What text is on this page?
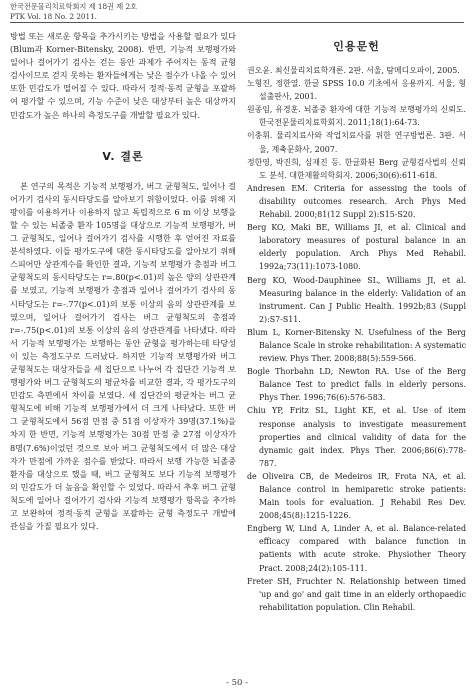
한국전문물리치료학회지 제 18권 제 2호
PTK Vol. 18 No. 2 2011.

방법 또는 새로운 항목을 추가시키는 방법을 사용할 필요가 있다(Blum과 Korner-Bitensky, 2008). 반면, 기능적 보행평가와 일어나 걸어가기 검사는 걷는 동안 과제가 주어지는 동적 균형 검사이므로 걷지 못하는 환자들에게는 낮은 점수가 나올 수 있어 또한 민감도가 떨어질 수 있다. 따라서 정적·동적 균형을 포괄하여 평가할 수 있으며, 기능 수준이 낮은 대상부터 높은 대상까지 민감도가 높은 하나의 측정도구를 개발할 필요가 있다.

V. 결론

본 연구의 목적은 기능적 보행평가, 버그 균형척도, 일어나 걸어가기 검사의 동시타당도를 알아보기 위함이었다. 이를 위해 지팡이를 이용하거나 이용하지 않고 독립적으로 6 m 이상 보행을 할 수 있는 뇌졸중 환자 105명을 대상으로 기능적 보행평가, 버그 균형척도, 일어나 걸어가기 검사를 시행한 후 얻어진 자료를 분석하였다. 이들 평가도구에 대한 동시타당도를 알아보기 위해 스피어만 상관계수를 확인한 결과, 기능적 보행평가 총점과 버그 균형척도의 동시타당도는 r=.80(p<.01)의 높은 양의 상관관계를 보였고, 기능적 보행평가 총점과 일어나 걸어가기 검사의 동시타당도는 r=-.77(p<.01)의 보통 이상의 음의 상관관계를 보였으며, 일어나 걸어가기 검사는 버그 균형척도의 총점과 r=-.75(p<.01)의 보통 이상의 음의 상관관계를 나타냈다. 따라서 기능적 보행평가는 보행하는 동안 균형을 평가하는데 타당성이 있는 측정도구로 드러났다. 하지만 기능적 보행평가와 버그 균형척도는 대상자들을 세 집단으로 나누어 각 집단간 기능적 보행평가와 버그 균형척도의 평균차를 비교한 결과, 각 평가도구의 민감도 측면에서 차이를 보였다. 세 집단간의 평균차는 버그 균형척도에 비해 기능적 보행평가에서 더 크게 나타났다. 또한 버그 균형척도에서 56점 만점 중 51점 이상자가 39명(37.1%)을 차지 한 반면, 기능적 보행평가는 30점 만점 중 27점 이상자가 8명(7.6%)이었던 것으로 보아 버그 균형척도에서 더 많은 대상자가 만점에 가까운 점수를 받았다. 따라서 보행 가능한 뇌졸중 환자를 대상으로 했을 때, 버그 균형척도 보다 기능적 보행평가의 민감도가 더 높음을 확인할 수 있었다. 따라서 추후 버그 균형척도에 일어나 걸어가기 검사와 기능적 보행평가 항목을 추가하고 보완하여 정적·동적 균형을 포괄하는 균형 측정도구 개발에 관심을 가질 필요가 있다.

인용문헌
권오윤. 최신물리치료학개론. 2판. 서울, 탐메디오파이, 2005.
노형진, 정한열. 한글 SPSS 10.0 기초에서 응용까지. 서울, 형설출판사, 2001.
원종임, 유경훈. 뇌졸중 환자에 대한 기능적 보행평가의 신뢰도. 한국전문물리치료학회지. 2011;18(1):64-73.
이충휘. 물리치료사와 작업치료사를 위한 연구방법론. 3판. 서울, 계축문화사, 2007.
정한영, 박진희, 심재진 등. 한글화된 Berg 균형검사법의 신뢰도 분석. 대한재활의학회지. 2006;30(6):611-618.
Andresen EM. Criteria for assessing the tools of disability outcomes research. Arch Phys Med Rehabil. 2000;81(12 Suppl 2):S15-S20.
Berg KO, Maki BE, Williams JI, et al. Clinical and laboratory measures of postural balance in an elderly population. Arch Phys Med Rehabil. 1992a;73(11):1073-1080.
Berg KO, Wood-Dauphinee SL, Williams JI, et al. Measuring balance in the elderly: Validation of an instrument. Can J Public Health. 1992b;83 (Suppl 2):S7-S11.
Blum L, Korner-Bitensky N. Usefulness of the Berg Balance Scale in stroke rehabilitation: A systematic review. Phys Ther. 2008;88(5):559-566.
Bogle Thorbahn LD, Newton RA. Use of the Berg Balance Test to predict falls in elderly persons. Phys Ther. 1996;76(6):576-583.
Chiu YP, Fritz SL, Light KE, et al. Use of item response analysis to investigate measurement properties and clinical validity of data for the dynamic gait index. Phys Ther. 2006;86(6):778-787.
de Oliveira CB, de Medeiros IR, Frota NA, et al. Balance control in hemiparetic stroke patients: Main tools for evaluation. J Rehabil Res Dev. 2008;45(8):1215-1226.
Engberg W, Lind A, Linder A, et al. Balance-related efficacy compared with balance function in patients with acute stroke. Physiother Theory Pract. 2008;24(2):105-111.
Freter SH, Fruchter N. Relationship between timed 'up and go' and gait time in an elderly orthopaedic rehabilitation population. Clin Rehabil.
- 50 -
